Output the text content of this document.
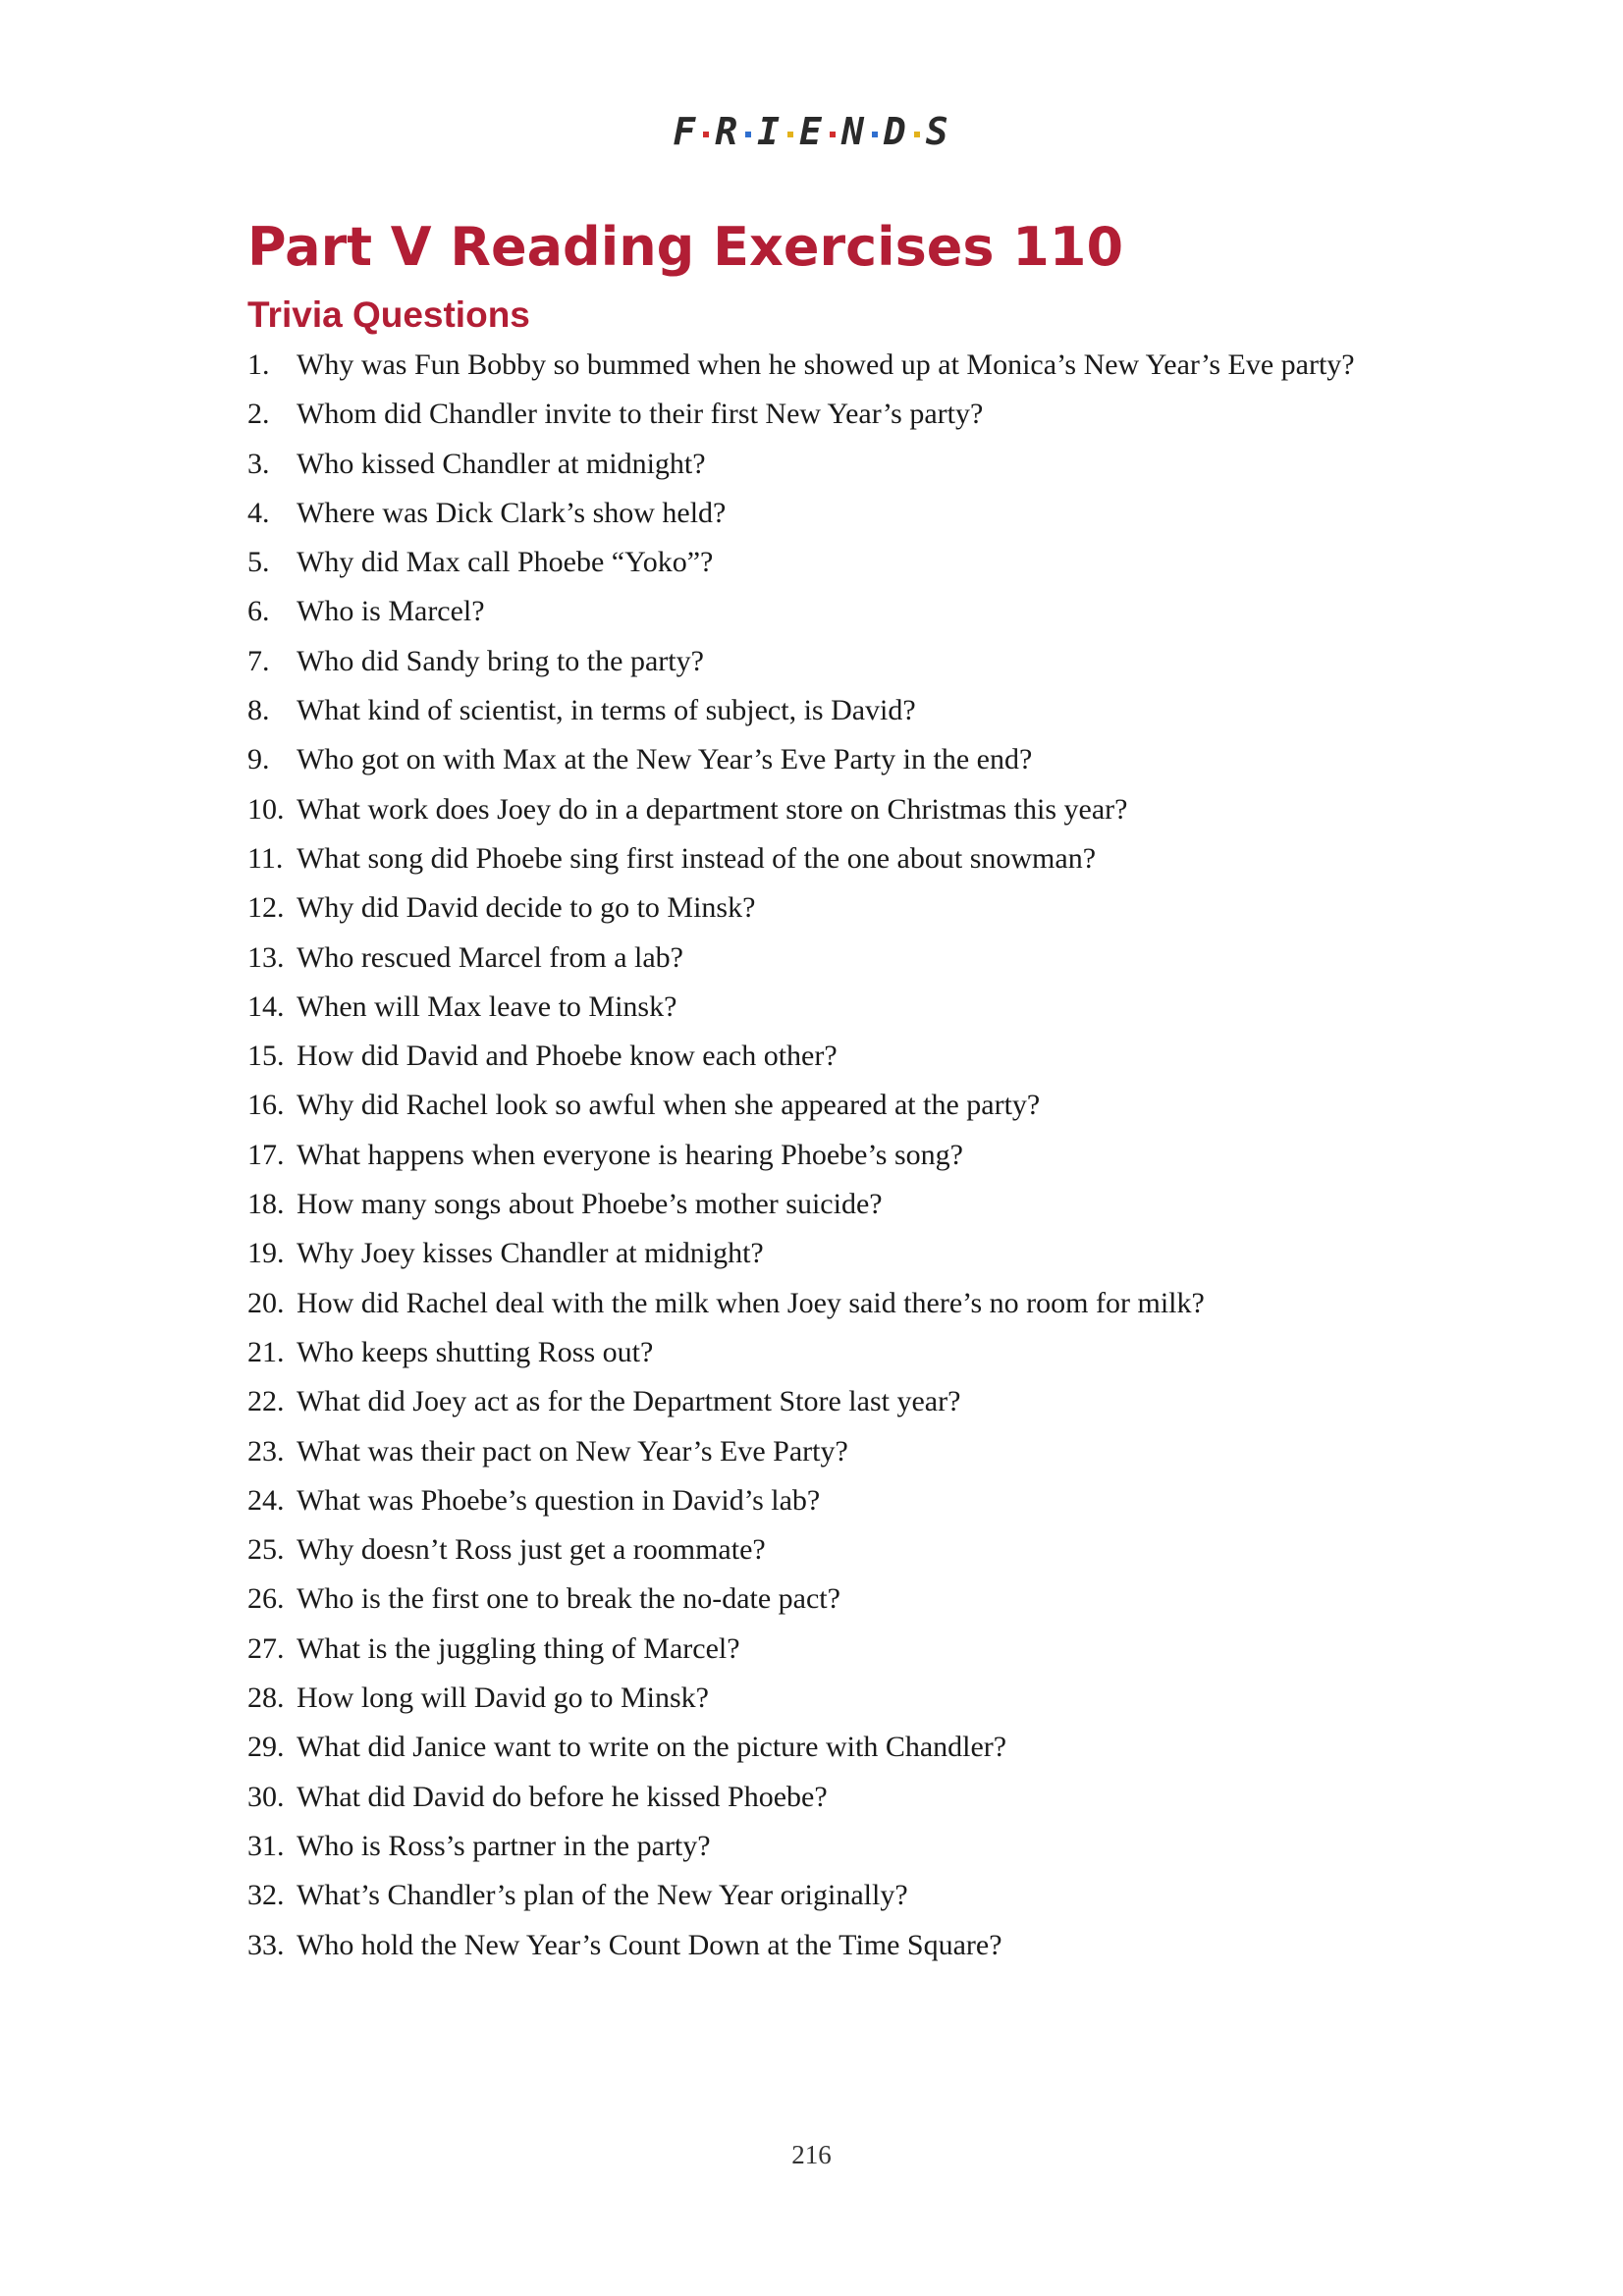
F R I E N D S
Part V Reading Exercises 110
Trivia Questions
1. Why was Fun Bobby so bummed when he showed up at Monica’s New Year’s Eve party?
2. Whom did Chandler invite to their first New Year’s party?
3. Who kissed Chandler at midnight?
4. Where was Dick Clark’s show held?
5. Why did Max call Phoebe “Yoko”?
6. Who is Marcel?
7. Who did Sandy bring to the party?
8. What kind of scientist, in terms of subject, is David?
9. Who got on with Max at the New Year’s Eve Party in the end?
10. What work does Joey do in a department store on Christmas this year?
11. What song did Phoebe sing first instead of the one about snowman?
12. Why did David decide to go to Minsk?
13. Who rescued Marcel from a lab?
14. When will Max leave to Minsk?
15. How did David and Phoebe know each other?
16. Why did Rachel look so awful when she appeared at the party?
17. What happens when everyone is hearing Phoebe’s song?
18. How many songs about Phoebe’s mother suicide?
19. Why Joey kisses Chandler at midnight?
20. How did Rachel deal with the milk when Joey said there’s no room for milk?
21. Who keeps shutting Ross out?
22. What did Joey act as for the Department Store last year?
23. What was their pact on New Year’s Eve Party?
24. What was Phoebe’s question in David’s lab?
25. Why doesn’t Ross just get a roommate?
26. Who is the first one to break the no-date pact?
27. What is the juggling thing of Marcel?
28. How long will David go to Minsk?
29. What did Janice want to write on the picture with Chandler?
30. What did David do before he kissed Phoebe?
31. Who is Ross’s partner in the party?
32. What’s Chandler’s plan of the New Year originally?
33. Who hold the New Year’s Count Down at the Time Square?
216
